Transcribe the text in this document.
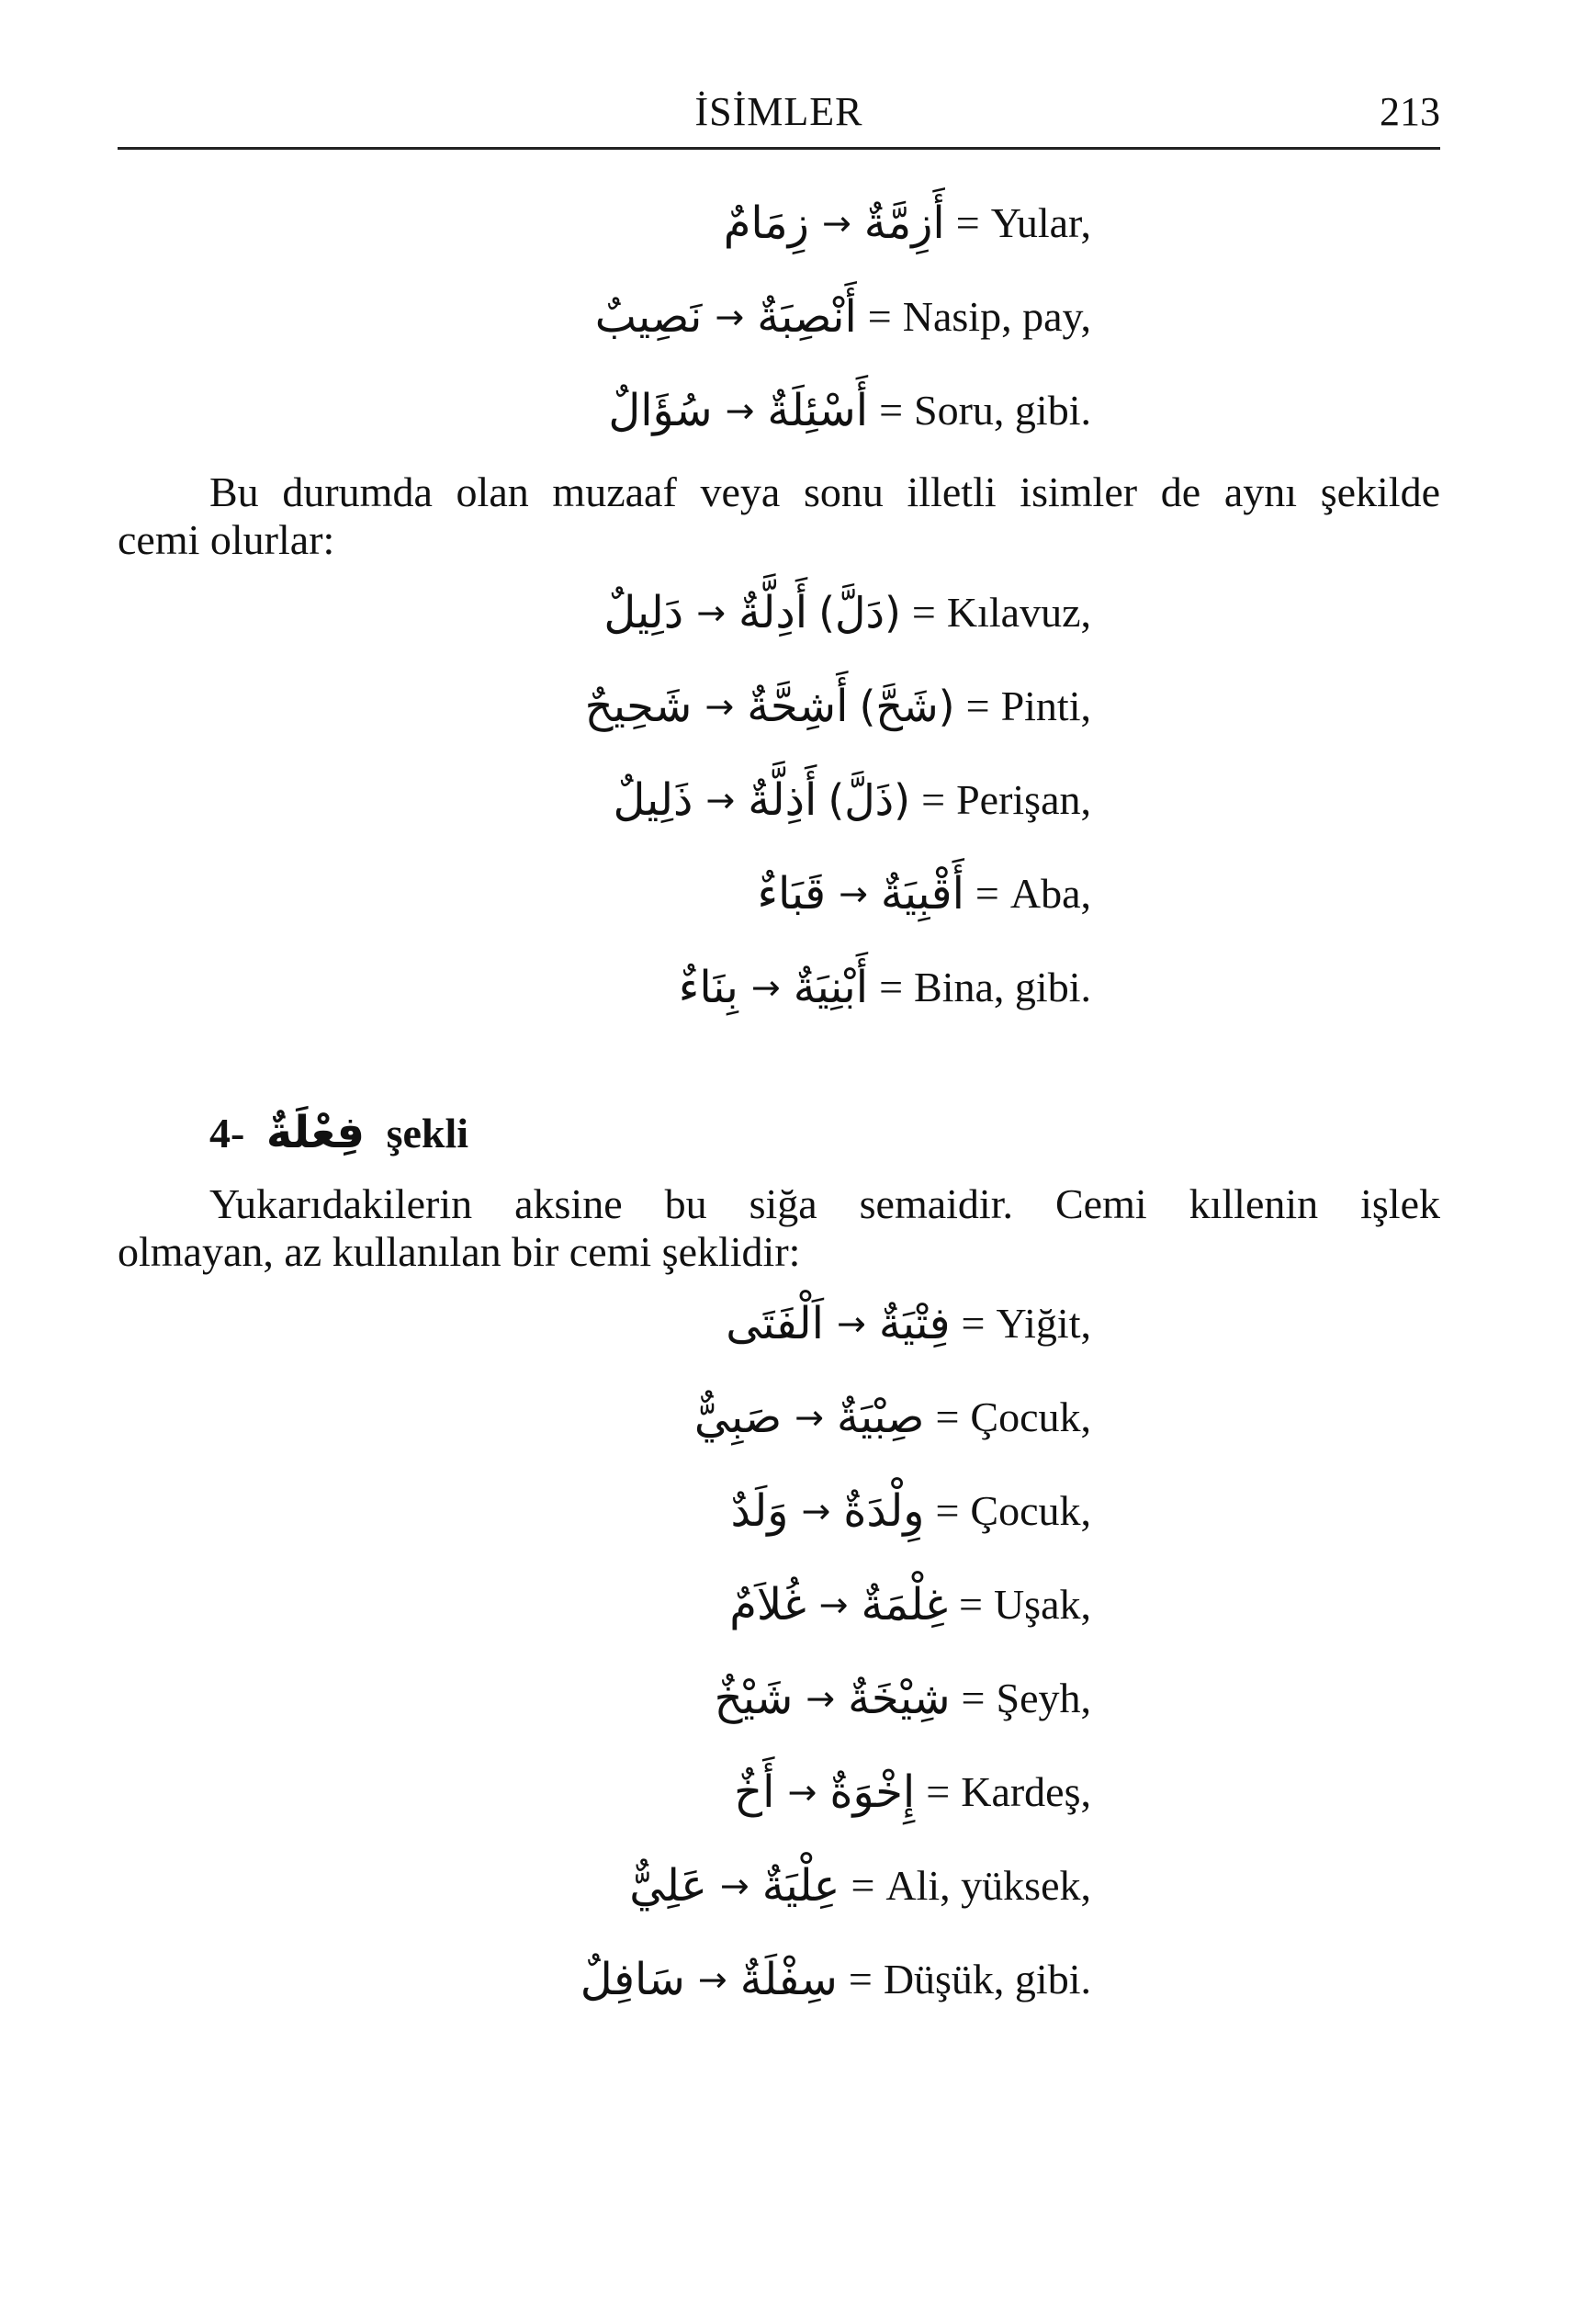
İSİMLER	213
زِمَامٌ → أَزِمَّةٌ = Yular,
نَصِيبٌ → أَنْصِبَةٌ = Nasip, pay,
سُؤَالٌ → أَسْئِلَةٌ = Soru, gibi.
Bu durumda olan muzaaf veya sonu illetli isimler de aynı şekilde
cemi olurlar:
دَلِيلٌ → أَدِلَّةٌ (دَلَّ) = Kılavuz,
شَحِيحٌ → أَشِحَّةٌ (شَحَّ) = Pinti,
ذَلِيلٌ → أَذِلَّةٌ (ذَلَّ) = Perişan,
قَبَاءٌ → أَقْبِيَةٌ = Aba,
بِنَاءٌ → أَبْنِيَةٌ = Bina, gibi.
4- فِعْلَةٌ şekli
Yukarıdakilerin aksine bu siğa semaidir. Cemi kıllenin işlek
olmayan, az kullanılan bir cemi şeklidir:
اَلْفَتَى → فِتْيَةٌ = Yiğit,
صَبِيٌّ → صِبْيَةٌ = Çocuk,
وَلَدٌ → وِلْدَةٌ = Çocuk,
غُلاَمٌ → غِلْمَةٌ = Uşak,
شَيْخٌ → شِيْخَةٌ = Şeyh,
أَخٌ → إِخْوَةٌ = Kardeş,
عَلِيٌّ → عِلْيَةٌ = Ali, yüksek,
سَافِلٌ → سِفْلَةٌ = Düşük, gibi.
